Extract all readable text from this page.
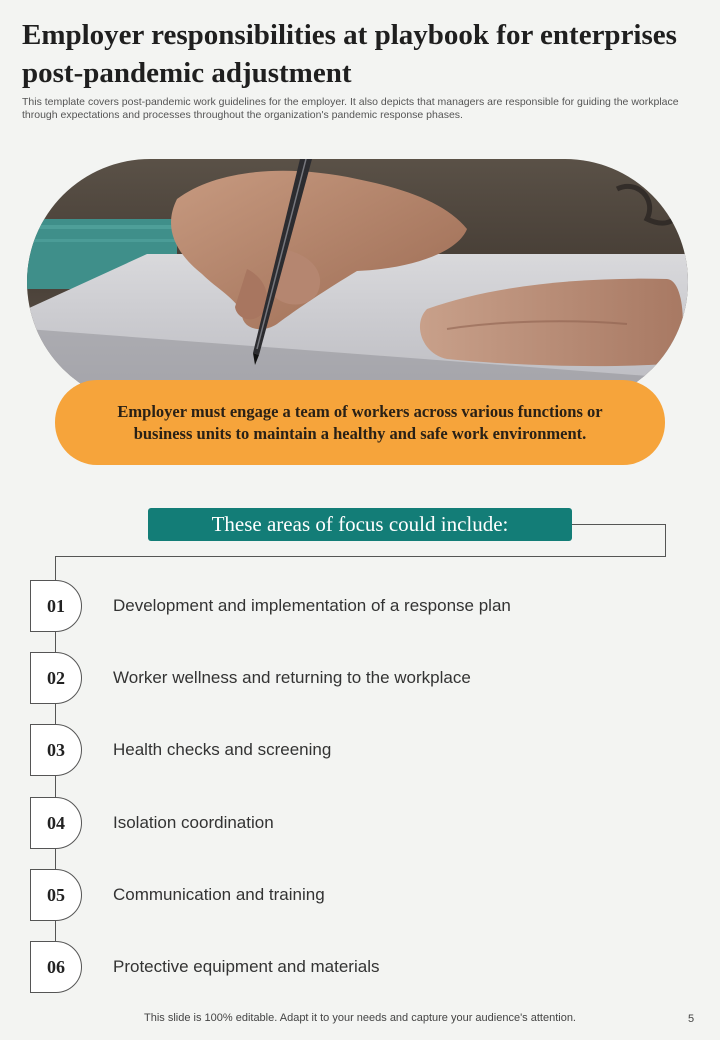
Employer responsibilities at playbook for enterprises post-pandemic adjustment
This template covers post-pandemic work guidelines for the employer. It also depicts that managers are responsible for guiding the workplace through expectations and processes throughout the organization's pandemic response phases.
Employer must engage a team of workers across various functions or business units to maintain a healthy and safe work environment.
These areas of focus could include:
01	Development and implementation of a response plan
02	Worker wellness and returning to the workplace
03	Health checks and screening
04	Isolation coordination
05	Communication and training
06	Protective equipment and materials
This slide is 100% editable. Adapt it to your needs and capture your audience's attention.	5
